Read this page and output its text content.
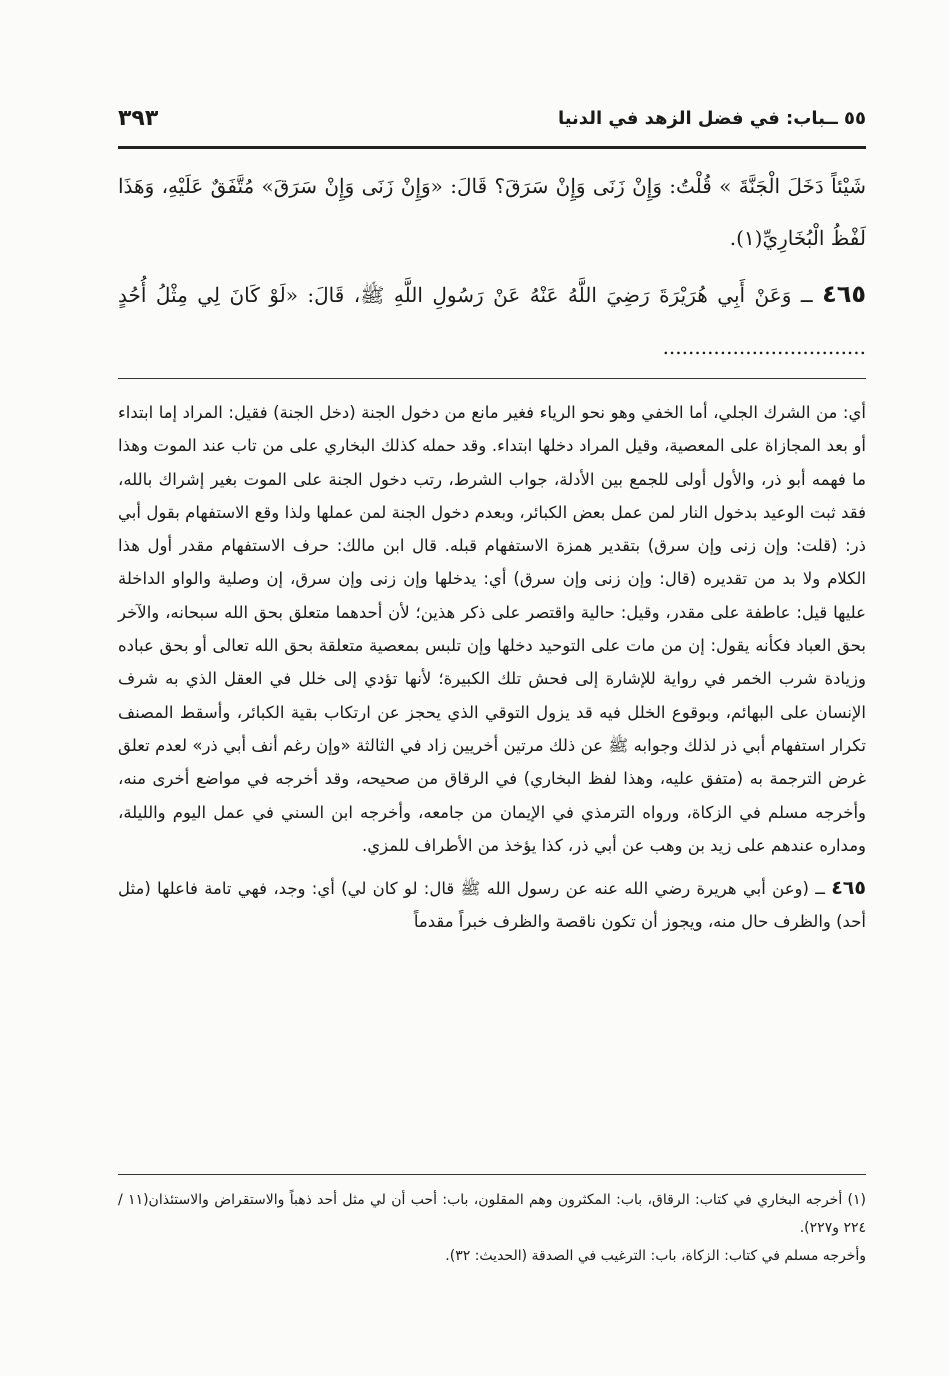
٥٥ ــباب: في فضل الزهد في الدنيا
٣٩٣
شَيْئاً دَخَلَ الْجَنَّةَ » قُلْتُ: وَإِنْ زَنَى وَإِنْ سَرَقَ؟ قَالَ: «وَإِنْ زَنَى وَإِنْ سَرَقَ» مُتَّفَقٌ عَلَيْهِ، وَهَذَا لَفْظُ الْبُخَارِيِّ(١).
٤٦٥ ــ وَعَنْ أَبِي هُرَيْرَةَ رَضِيَ اللَّهُ عَنْهُ عَنْ رَسُولِ اللَّهِ ﷺ، قَالَ: «لَوْ كَانَ لِي مِثْلُ أُحُدٍ ................................

أي: من الشرك الجلي، أما الخفي وهو نحو الرياء فغير مانع من دخول الجنة (دخل الجنة) فقيل: المراد إما ابتداء أو بعد المجازاة على المعصية، وقيل المراد دخلها ابتداء. وقد حمله كذلك البخاري على من تاب عند الموت وهذا ما فهمه أبو ذر، والأول أولى للجمع بين الأدلة، جواب الشرط، رتب دخول الجنة على الموت بغير إشراك بالله، فقد ثبت الوعيد بدخول النار لمن عمل بعض الكبائر، وبعدم دخول الجنة لمن عملها ولذا وقع الاستفهام بقول أبي ذر: (قلت: وإن زنى وإن سرق) بتقدير همزة الاستفهام قبله. قال ابن مالك: حرف الاستفهام مقدر أول هذا الكلام ولا بد من تقديره (قال: وإن زنى وإن سرق) أي: يدخلها وإن زنى وإن سرق، إن وصلية والواو الداخلة عليها قيل: عاطفة على مقدر، وقيل: حالية واقتصر على ذكر هذين؛ لأن أحدهما متعلق بحق الله سبحانه، والآخر بحق العباد فكأنه يقول: إن من مات على التوحيد دخلها وإن تلبس بمعصية متعلقة بحق الله تعالى أو بحق عباده وزيادة شرب الخمر في رواية للإشارة إلى فحش تلك الكبيرة؛ لأنها تؤدي إلى خلل في العقل الذي به شرف الإنسان على البهائم، وبوقوع الخلل فيه قد يزول التوقي الذي يحجز عن ارتكاب بقية الكبائر، وأسقط المصنف تكرار استفهام أبي ذر لذلك وجوابه ﷺ عن ذلك مرتين أخريين زاد في الثالثة «وإن رغم أنف أبي ذر» لعدم تعلق غرض الترجمة به (متفق عليه، وهذا لفظ البخاري) في الرقاق من صحيحه، وقد أخرجه في مواضع أخرى منه، وأخرجه مسلم في الزكاة، ورواه الترمذي في الإيمان من جامعه، وأخرجه ابن السني في عمل اليوم والليلة، ومداره عندهم على زيد بن وهب عن أبي ذر، كذا يؤخذ من الأطراف للمزي.

٤٦٥ ــ (وعن أبي هريرة رضي الله عنه عن رسول الله ﷺ قال: لو كان لي) أي: وجد، فهي تامة فاعلها (مثل أحد) والظرف حال منه، ويجوز أن تكون ناقصة والظرف خبراً مقدماً

(١) أخرجه البخاري في كتاب: الرقاق، باب: المكثرون وهم المقلون، باب: أحب أن لي مثل أحد ذهباً والاستقراض والاستئذان(١١ / ٢٢٤ و٢٢٧).

وأخرجه مسلم في كتاب: الزكاة، باب: الترغيب في الصدقة (الحديث: ٣٢).
